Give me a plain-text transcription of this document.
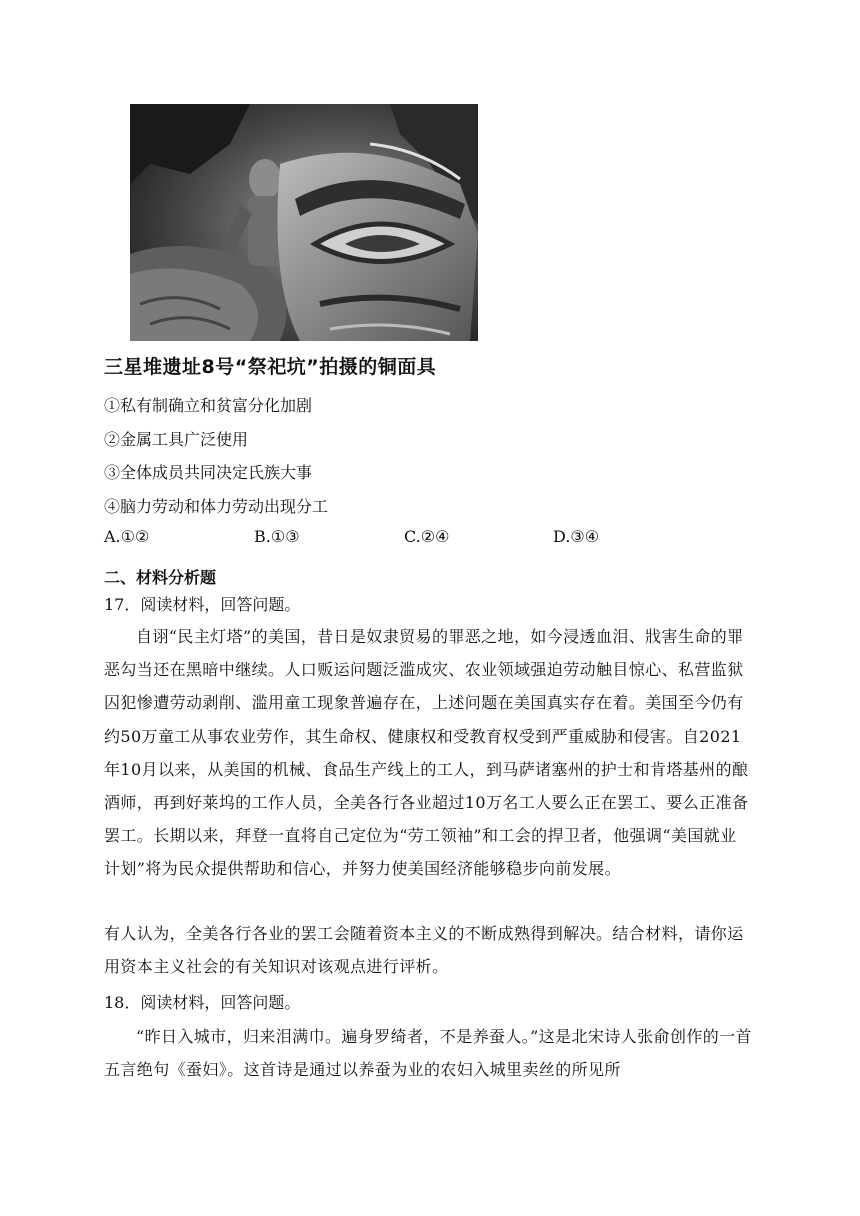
三星堆遗址8号“祭祀坑”拍摄的铜面具
①私有制确立和贫富分化加剧
②金属工具广泛使用
③全体成员共同决定氏族大事
④脑力劳动和体力劳动出现分工
A.①②	B.①③	C.②④	D.③④
二、材料分析题
17．阅读材料，回答问题。
自诩“民主灯塔”的美国，昔日是奴隶贸易的罪恶之地，如今浸透血泪、戕害生命的罪恶勾当还在黑暗中继续。人口贩运问题泛滥成灾、农业领域强迫劳动触目惊心、私营监狱囚犯惨遭劳动剥削、滥用童工现象普遍存在，上述问题在美国真实存在着。美国至今仍有约50万童工从事农业劳作，其生命权、健康权和受教育权受到严重威胁和侵害。自2021年10月以来，从美国的机械、食品生产线上的工人，到马萨诸塞州的护士和肯塔基州的酿酒师，再到好莱坞的工作人员，全美各行各业超过10万名工人要么正在罢工、要么正准备罢工。长期以来，拜登一直将自己定位为“劳工领袖”和工会的捍卫者，他强调“美国就业计划”将为民众提供帮助和信心，并努力使美国经济能够稳步向前发展。
有人认为，全美各行各业的罢工会随着资本主义的不断成熟得到解决。结合材料，请你运用资本主义社会的有关知识对该观点进行评析。
18．阅读材料，回答问题。
“昨日入城市，归来泪满巾。遍身罗绮者，不是养蚕人。”这是北宋诗人张俞创作的一首五言绝句《蚕妇》。这首诗是通过以养蚕为业的农妇入城里卖丝的所见所
